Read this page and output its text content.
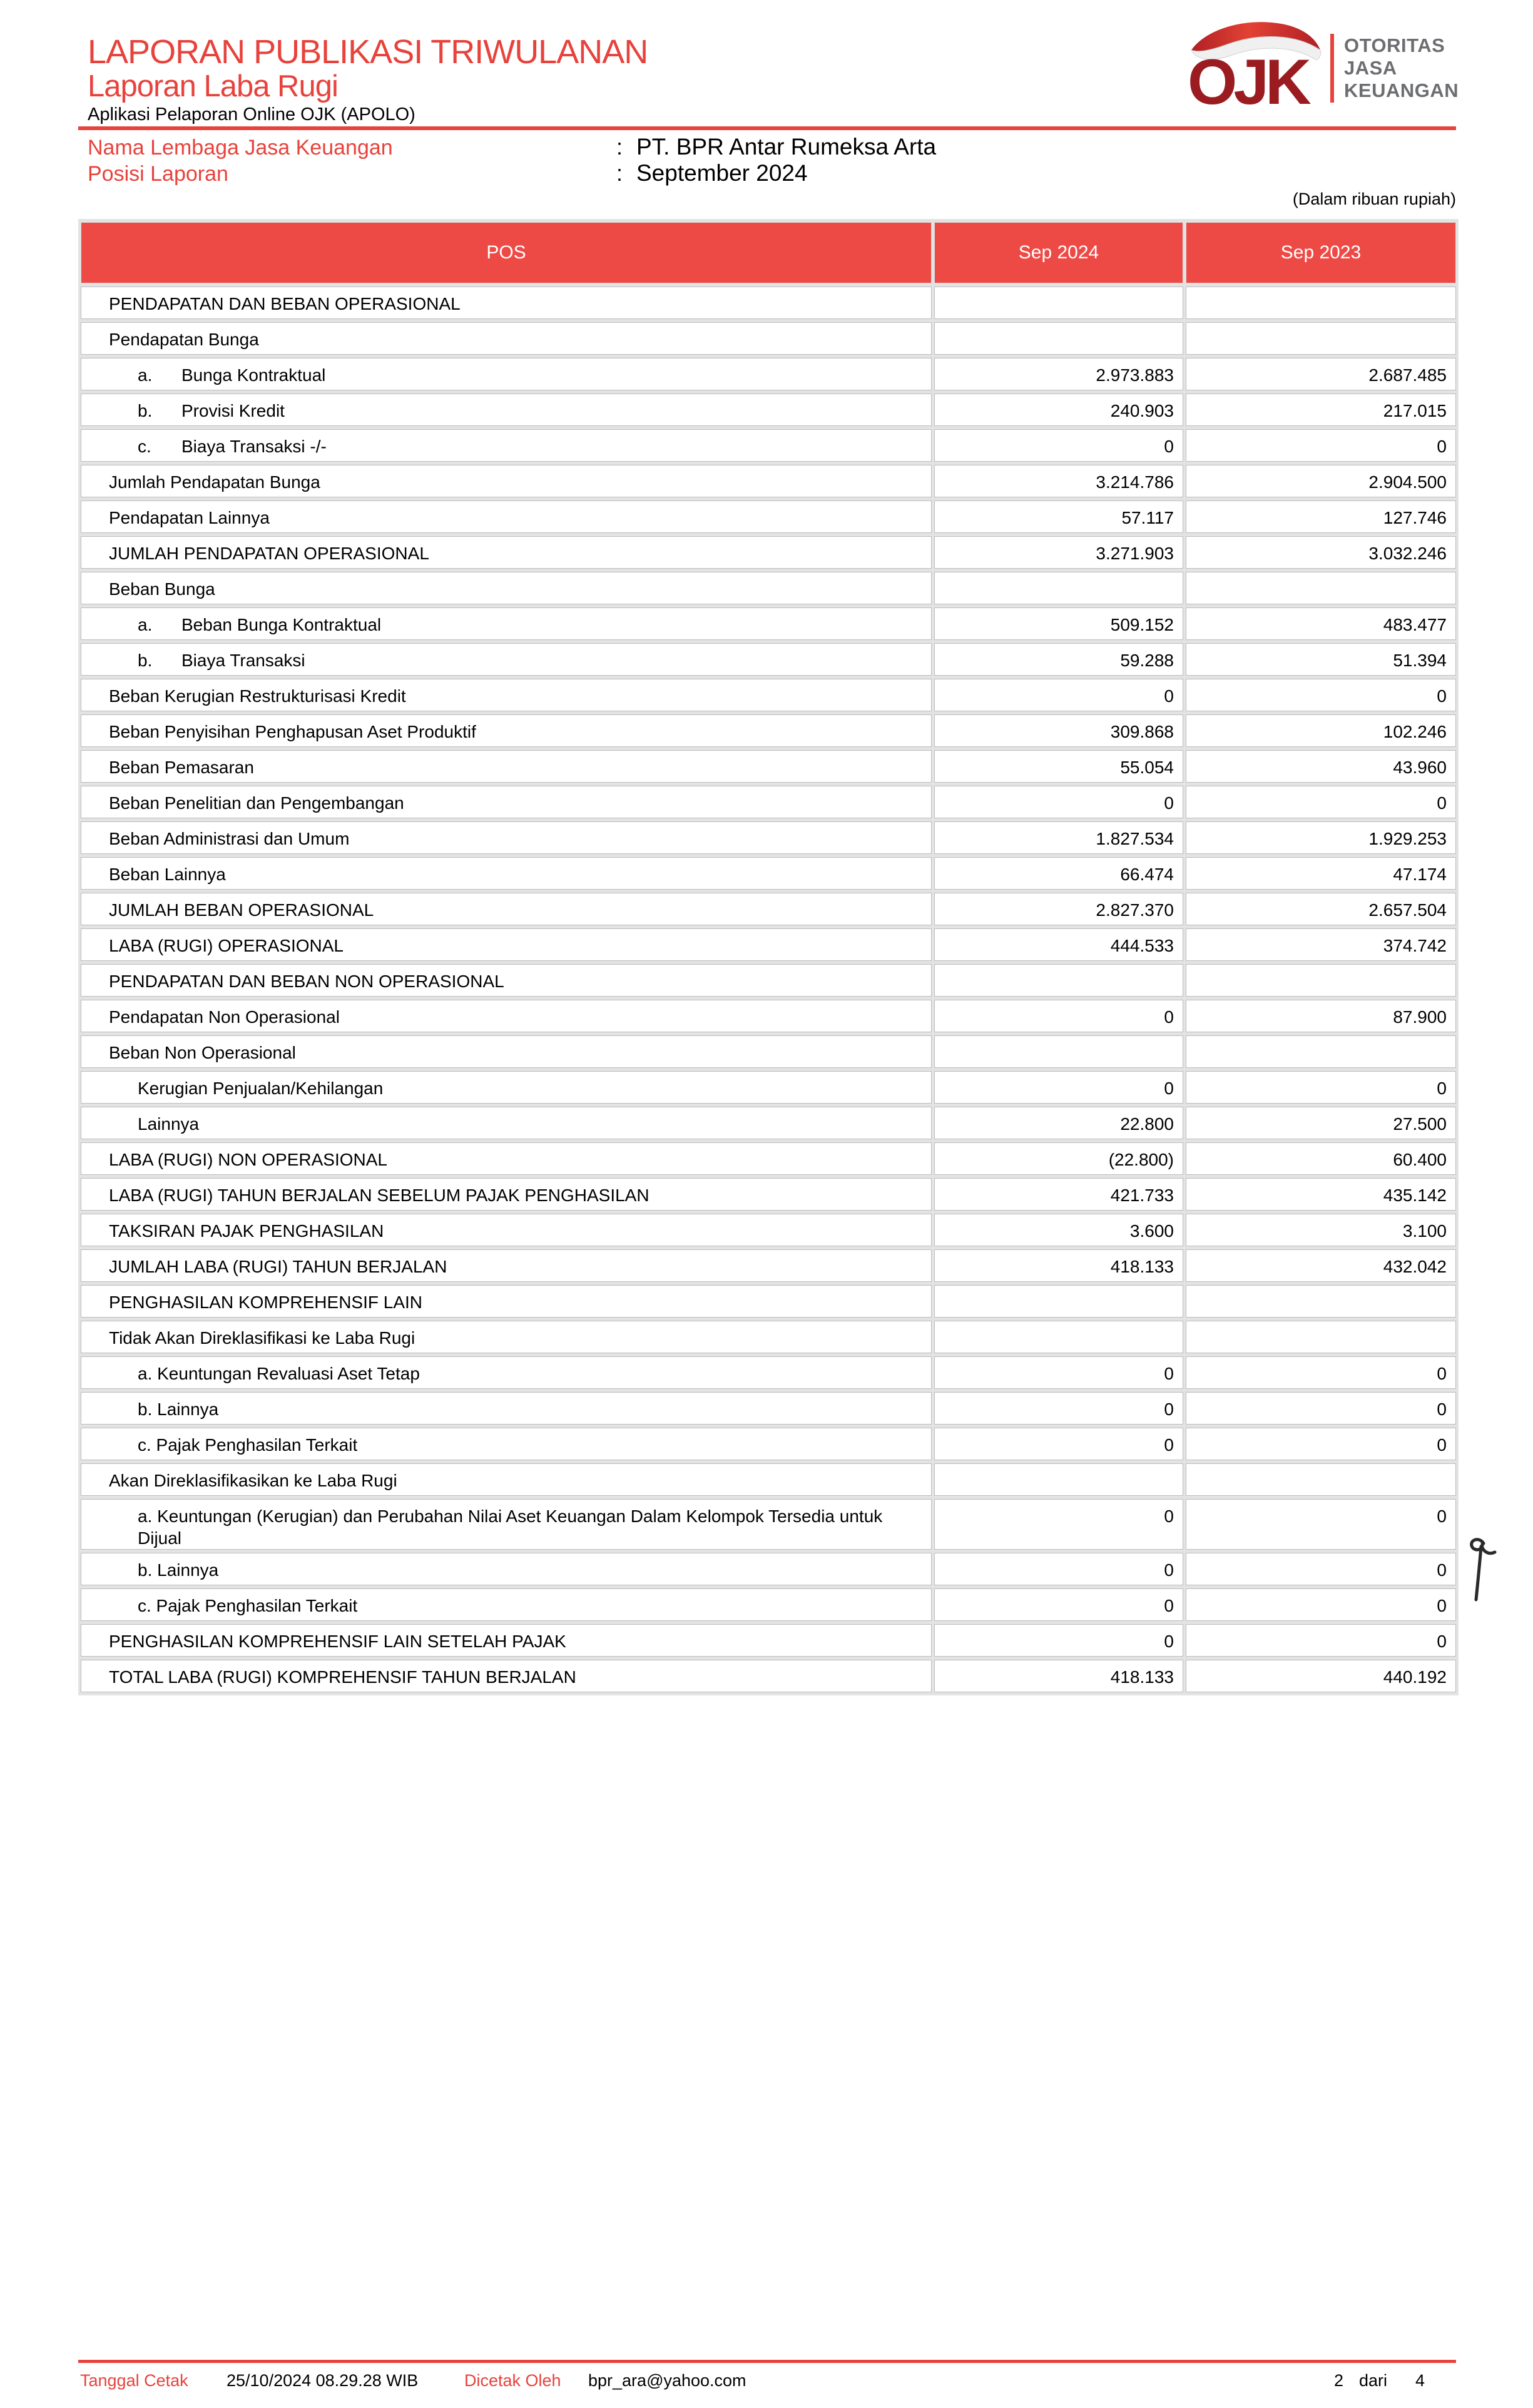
LAPORAN PUBLIKASI TRIWULANAN
Laporan Laba Rugi
Aplikasi Pelaporan Online OJK (APOLO)	OJK
OTORITAS
JASA
KEUANGAN
Nama Lembaga Jasa Keuangan	: PT. BPR Antar Rumeksa Arta
Posisi Laporan	: September 2024
(Dalam ribuan rupiah)
POS	Sep 2024	Sep 2023
PENDAPATAN DAN BEBAN OPERASIONAL		
Pendapatan Bunga		
a. Bunga Kontraktual	2.973.883	2.687.485
b. Provisi Kredit	240.903	217.015
c. Biaya Transaksi -/-	0	0
Jumlah Pendapatan Bunga	3.214.786	2.904.500
Pendapatan Lainnya	57.117	127.746
JUMLAH PENDAPATAN OPERASIONAL	3.271.903	3.032.246
Beban Bunga		
a. Beban Bunga Kontraktual	509.152	483.477
b. Biaya Transaksi	59.288	51.394
Beban Kerugian Restrukturisasi Kredit	0	0
Beban Penyisihan Penghapusan Aset Produktif	309.868	102.246
Beban Pemasaran	55.054	43.960
Beban Penelitian dan Pengembangan	0	0
Beban Administrasi dan Umum	1.827.534	1.929.253
Beban Lainnya	66.474	47.174
JUMLAH BEBAN OPERASIONAL	2.827.370	2.657.504
LABA (RUGI) OPERASIONAL	444.533	374.742
PENDAPATAN DAN BEBAN NON OPERASIONAL		
Pendapatan Non Operasional	0	87.900
Beban Non Operasional		
Kerugian Penjualan/Kehilangan	0	0
Lainnya	22.800	27.500
LABA (RUGI) NON OPERASIONAL	(22.800)	60.400
LABA (RUGI) TAHUN BERJALAN SEBELUM PAJAK PENGHASILAN	421.733	435.142
TAKSIRAN PAJAK PENGHASILAN	3.600	3.100
JUMLAH LABA (RUGI) TAHUN BERJALAN	418.133	432.042
PENGHASILAN KOMPREHENSIF LAIN		
Tidak Akan Direklasifikasi ke Laba Rugi		
a. Keuntungan Revaluasi Aset Tetap	0	0
b. Lainnya	0	0
c. Pajak Penghasilan Terkait	0	0
Akan Direklasifikasikan ke Laba Rugi		
a. Keuntungan (Kerugian) dan Perubahan Nilai Aset Keuangan Dalam Kelompok Tersedia untuk Dijual	0	0
b. Lainnya	0	0
c. Pajak Penghasilan Terkait	0	0
PENGHASILAN KOMPREHENSIF LAIN SETELAH PAJAK	0	0
TOTAL LABA (RUGI) KOMPREHENSIF TAHUN BERJALAN	418.133	440.192
Tanggal Cetak 25/10/2024 08.29.28 WIB	Dicetak Oleh bpr_ara@yahoo.com	2 dari 4
